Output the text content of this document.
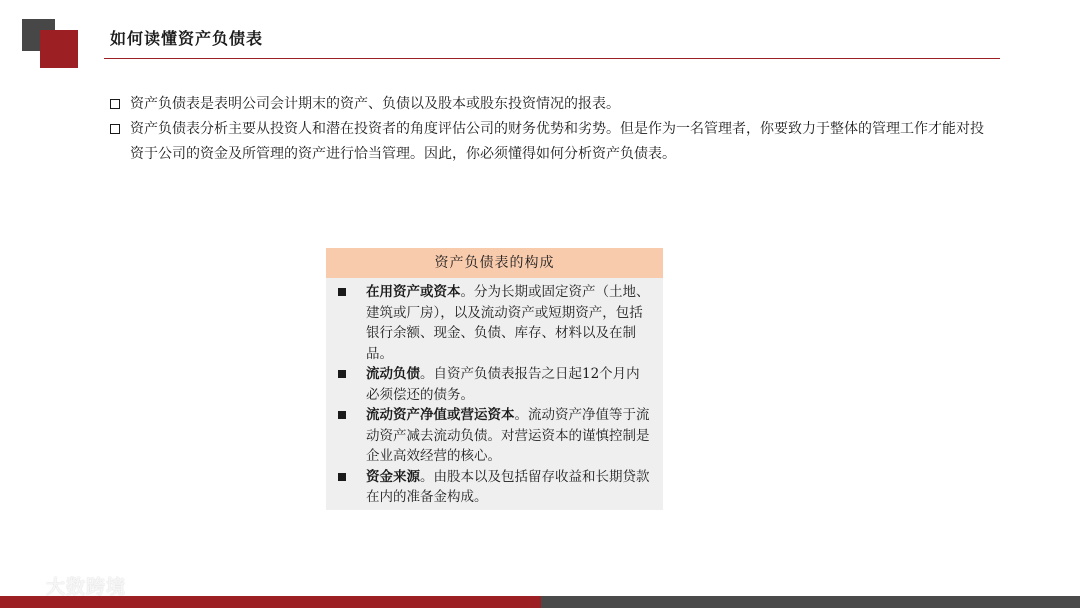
如何读懂资产负债表
资产负债表是表明公司会计期末的资产、负债以及股本或股东投资情况的报表。
资产负债表分析主要从投资人和潜在投资者的角度评估公司的财务优势和劣势。但是作为一名管理者，你要致力于整体的管理工作才能对投资于公司的资金及所管理的资产进行恰当管理。因此，你必须懂得如何分析资产负债表。
资产负债表的构成
在用资产或资本。分为长期或固定资产（土地、建筑或厂房），以及流动资产或短期资产，包括银行余额、现金、负债、库存、材料以及在制品。
流动负债。自资产负债表报告之日起12个月内必须偿还的债务。
流动资产净值或营运资本。流动资产净值等于流动资产减去流动负债。对营运资本的谨慎控制是企业高效经营的核心。
资金来源。由股本以及包括留存收益和长期贷款在内的准备金构成。
大数跨境
